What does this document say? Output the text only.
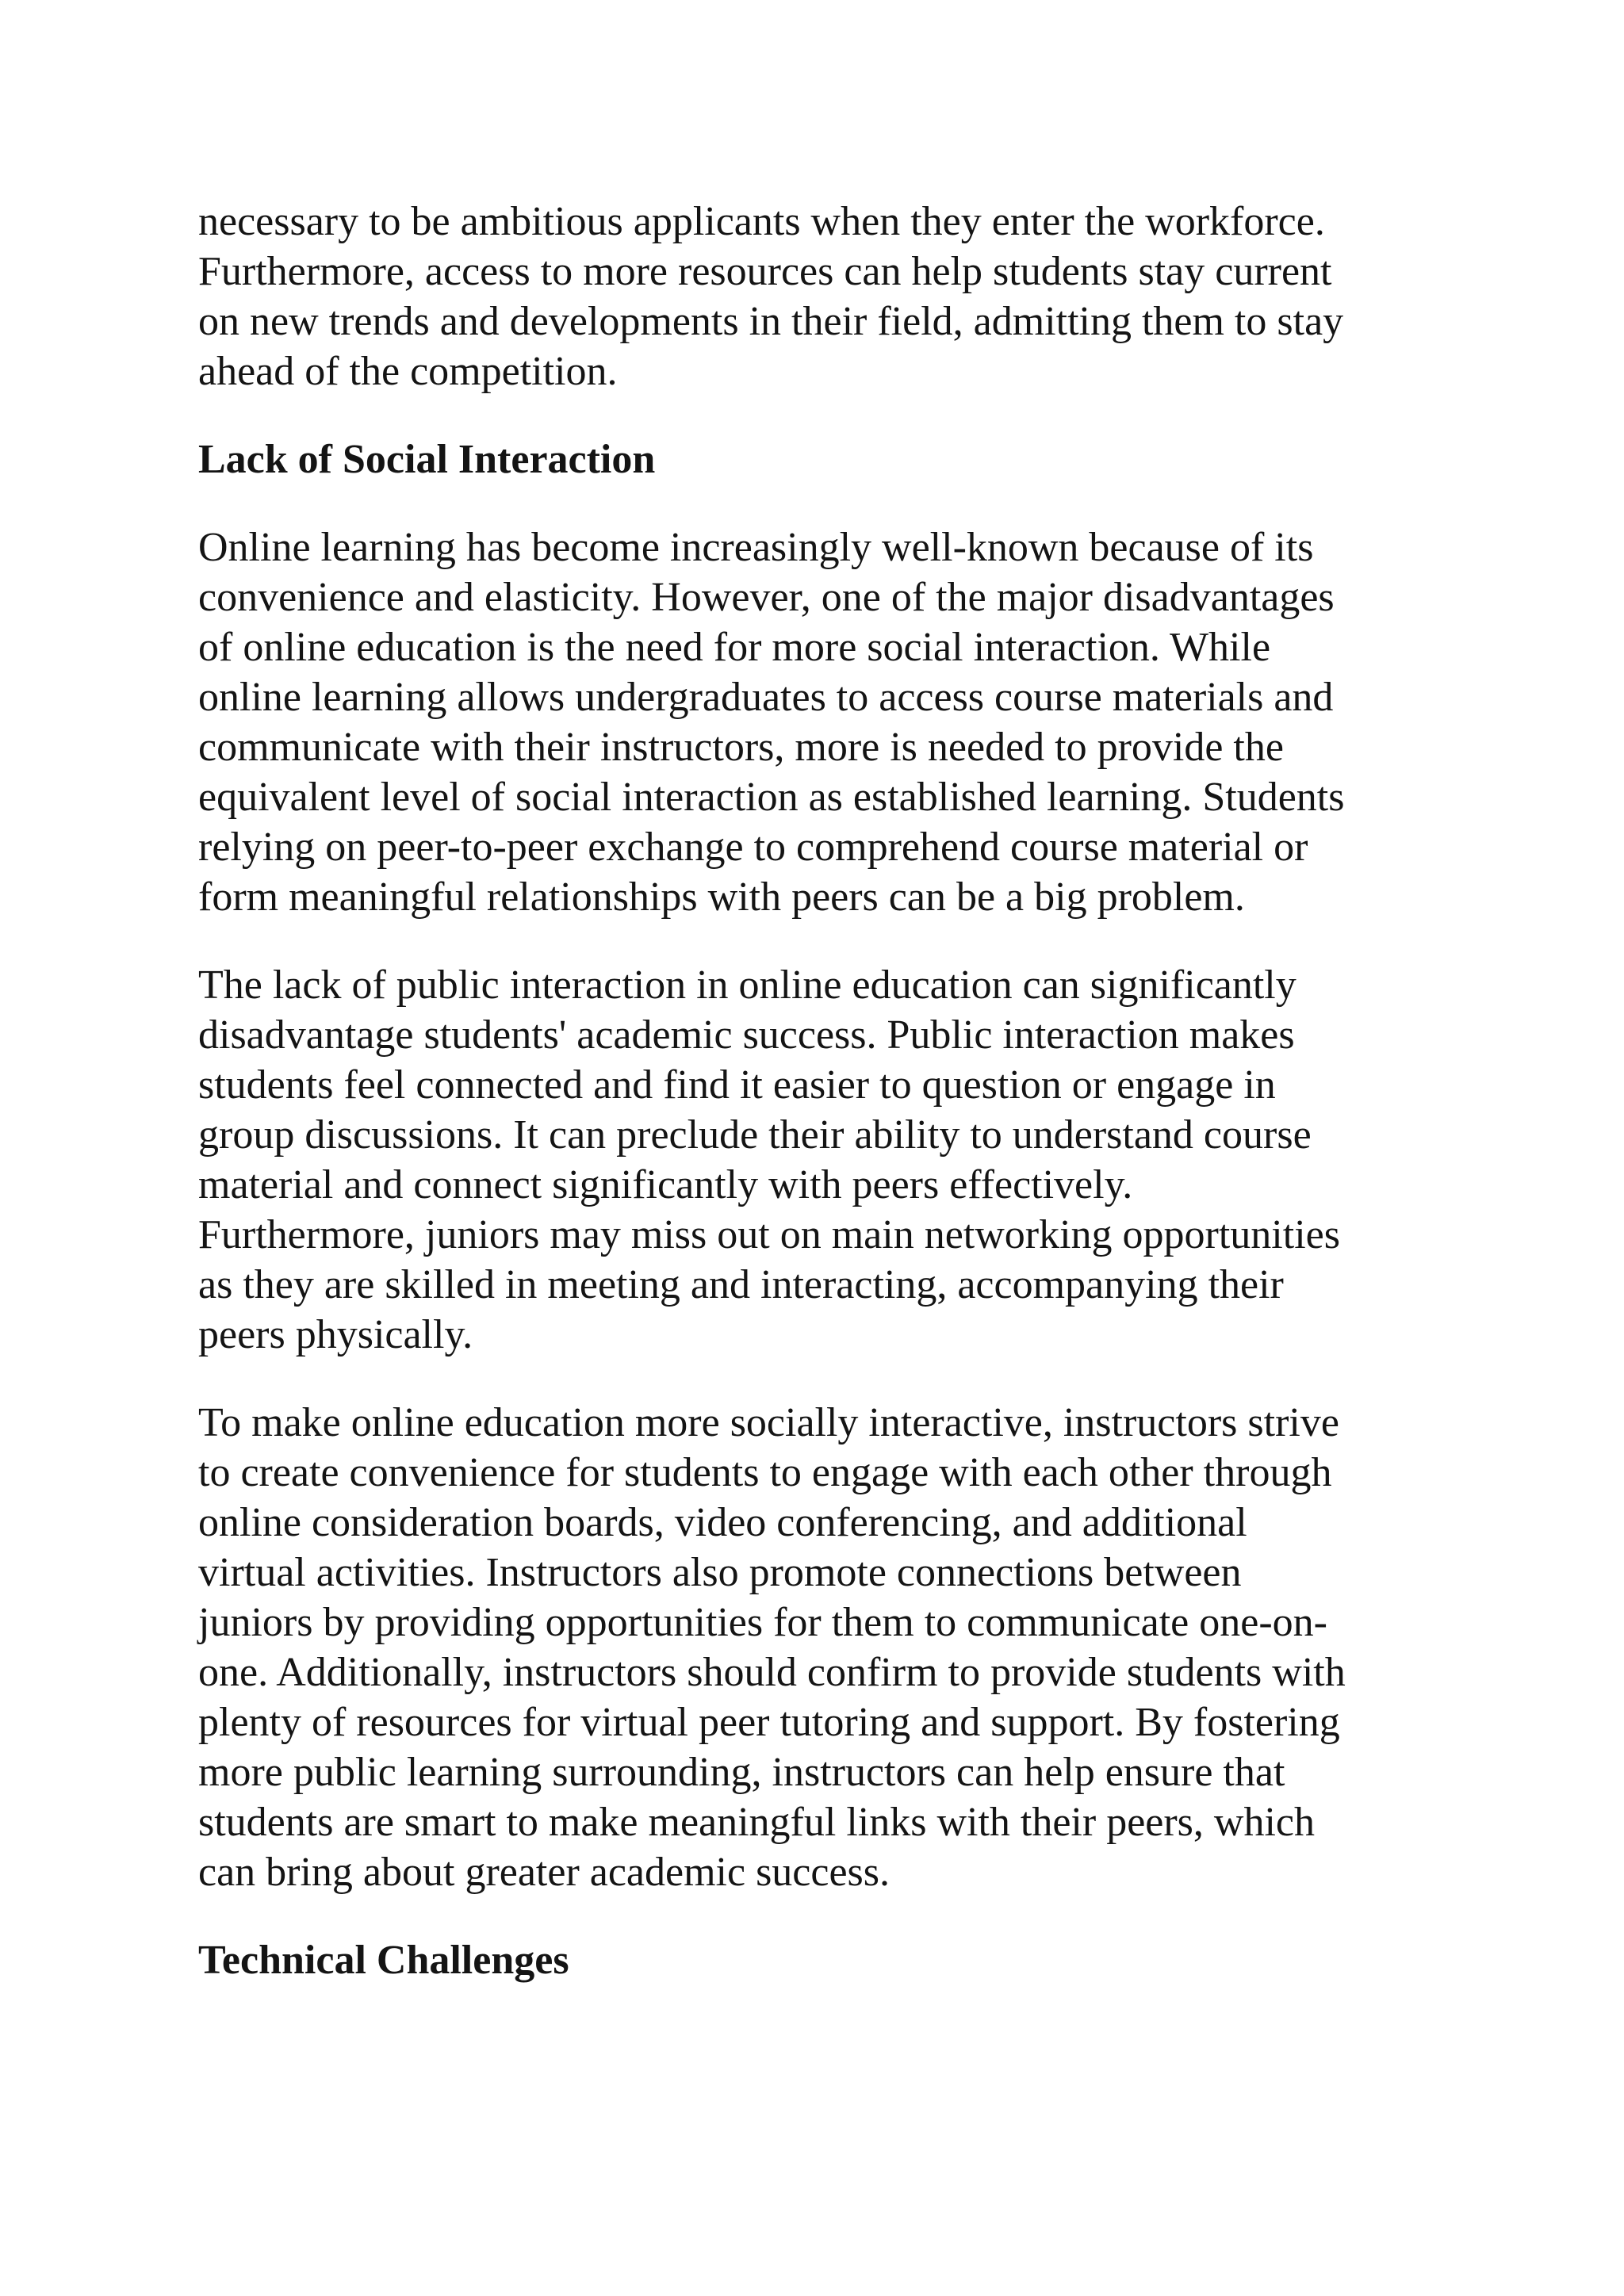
necessary to be ambitious applicants when they enter the workforce.
Furthermore, access to more resources can help students stay current
on new trends and developments in their field, admitting them to stay
ahead of the competition.

Lack of Social Interaction

Online learning has become increasingly well-known because of its
convenience and elasticity. However, one of the major disadvantages
of online education is the need for more social interaction. While
online learning allows undergraduates to access course materials and
communicate with their instructors, more is needed to provide the
equivalent level of social interaction as established learning. Students
relying on peer-to-peer exchange to comprehend course material or
form meaningful relationships with peers can be a big problem.

The lack of public interaction in online education can significantly
disadvantage students' academic success. Public interaction makes
students feel connected and find it easier to question or engage in
group discussions. It can preclude their ability to understand course
material and connect significantly with peers effectively.
Furthermore, juniors may miss out on main networking opportunities
as they are skilled in meeting and interacting, accompanying their
peers physically.

To make online education more socially interactive, instructors strive
to create convenience for students to engage with each other through
online consideration boards, video conferencing, and additional
virtual activities. Instructors also promote connections between
juniors by providing opportunities for them to communicate one-on-
one. Additionally, instructors should confirm to provide students with
plenty of resources for virtual peer tutoring and support. By fostering
more public learning surrounding, instructors can help ensure that
students are smart to make meaningful links with their peers, which
can bring about greater academic success.

Technical Challenges
